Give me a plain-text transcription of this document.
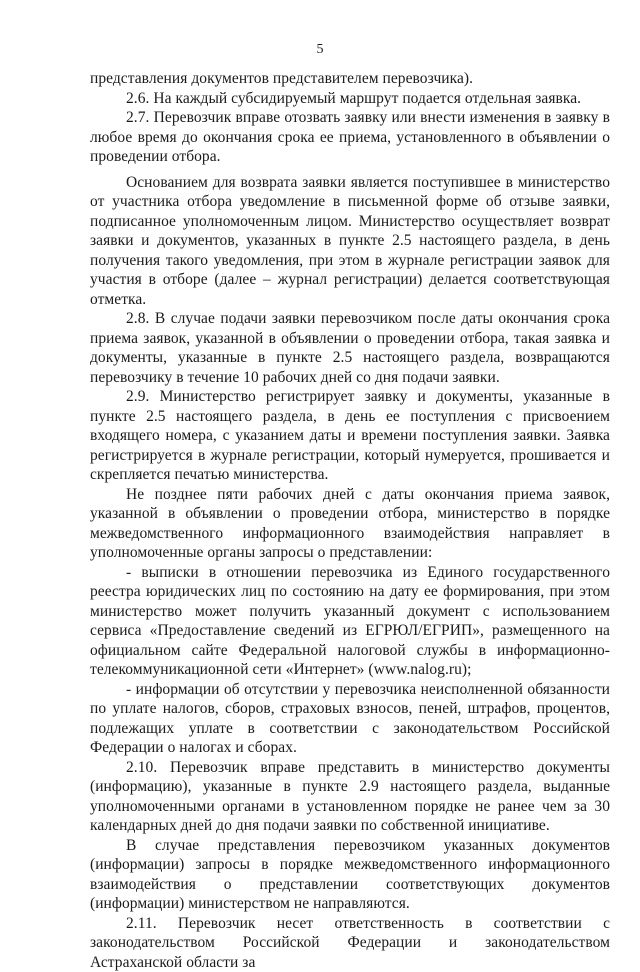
5

представления документов представителем перевозчика).

2.6. На каждый субсидируемый маршрут подается отдельная заявка.

2.7. Перевозчик вправе отозвать заявку или внести изменения в заявку в любое время до окончания срока ее приема, установленного в объявлении о проведении отбора.

Основанием для возврата заявки является поступившее в министерство от участника отбора уведомление в письменной форме об отзыве заявки, подписанное уполномоченным лицом. Министерство осуществляет возврат заявки и документов, указанных в пункте 2.5 настоящего раздела, в день получения такого уведомления, при этом в журнале регистрации заявок для участия в отборе (далее – журнал регистрации) делается соответствующая отметка.

2.8. В случае подачи заявки перевозчиком после даты окончания срока приема заявок, указанной в объявлении о проведении отбора, такая заявка и документы, указанные в пункте 2.5 настоящего раздела, возвращаются перевозчику в течение 10 рабочих дней со дня подачи заявки.

2.9. Министерство регистрирует заявку и документы, указанные в пункте 2.5 настоящего раздела, в день ее поступления с присвоением входящего номера, с указанием даты и времени поступления заявки. Заявка регистрируется в журнале регистрации, который нумеруется, прошивается и скрепляется печатью министерства.

Не позднее пяти рабочих дней с даты окончания приема заявок, указанной в объявлении о проведении отбора, министерство в порядке межведомственного информационного взаимодействия направляет в уполномоченные органы запросы о представлении:

- выписки в отношении перевозчика из Единого государственного реестра юридических лиц по состоянию на дату ее формирования, при этом министерство может получить указанный документ с использованием сервиса «Предоставление сведений из ЕГРЮЛ/ЕГРИП», размещенного на официальном сайте Федеральной налоговой службы в информационно-телекоммуникационной сети «Интернет» (www.nalog.ru);

- информации об отсутствии у перевозчика неисполненной обязанности по уплате налогов, сборов, страховых взносов, пеней, штрафов, процентов, подлежащих уплате в соответствии с законодательством Российской Федерации о налогах и сборах.

2.10. Перевозчик вправе представить в министерство документы (информацию), указанные в пункте 2.9 настоящего раздела, выданные уполномоченными органами в установленном порядке не ранее чем за 30 календарных дней до дня подачи заявки по собственной инициативе.

В случае представления перевозчиком указанных документов (информации) запросы в порядке межведомственного информационного взаимодействия о представлении соответствующих документов (информации) министерством не направляются.

2.11. Перевозчик несет ответственность в соответствии с законодательством Российской Федерации и законодательством Астраханской области за
